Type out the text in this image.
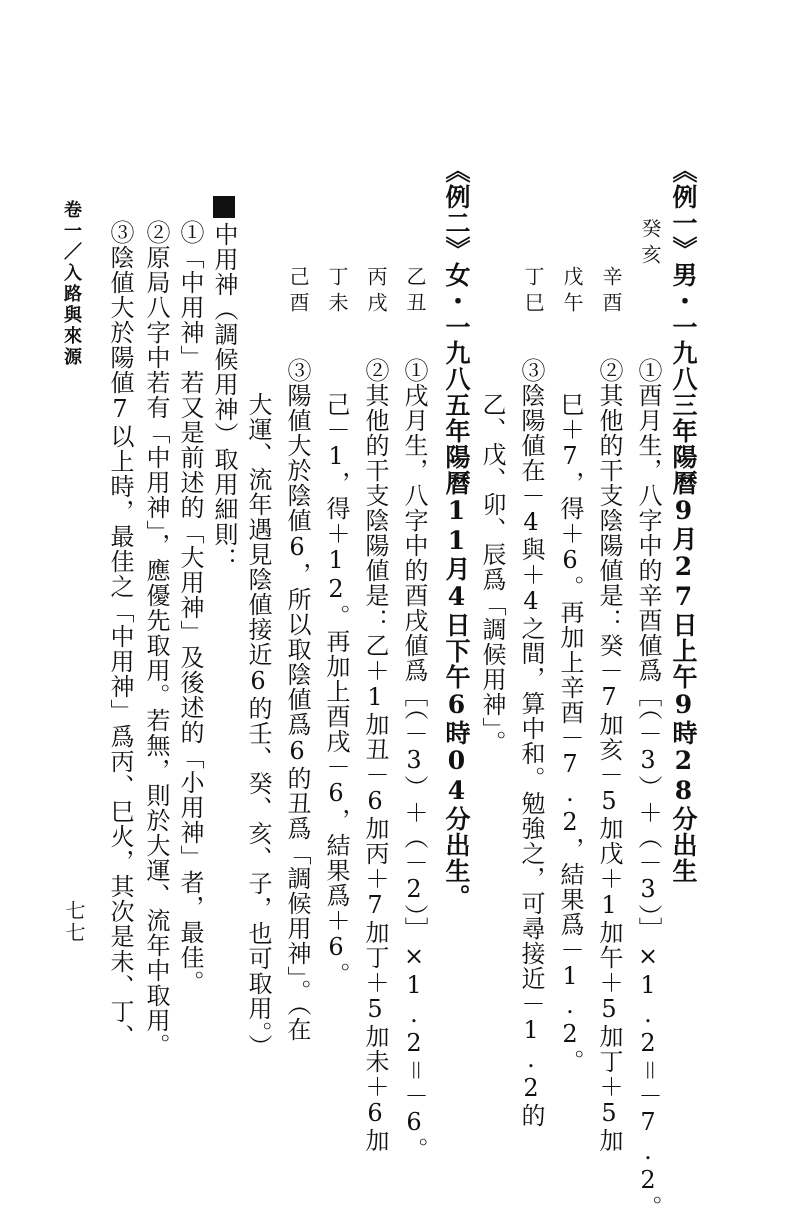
《例一》男・一九八三年陽曆9月27日上午9時28分出生
癸亥
辛酉
戊午
丁巳
①酉月生，八字中的辛酉値爲［（－3）＋（－3）］×1.2＝－7.2。
②其他的干支陰陽値是：癸－7加亥－5加戊＋1加午＋5加丁＋5加
巳＋7，得＋6。再加上辛酉－7.2，結果爲－1.2。
③陰陽値在－4與＋4之間，算中和。勉強之，可尋接近－1.2的
乙、戊、卯、辰爲「調候用神」。
《例二》女・一九八五年陽曆11月4日下午6時04分出生。
乙丑
丙戌
丁未
己酉
①戌月生，八字中的酉戌値爲［（－3）＋（－2）］×1.2＝－6。
②其他的干支陰陽値是：乙＋1加丑－6加丙＋7加丁＋5加未＋6加
己－1，得＋12。再加上酉戌－6，結果爲＋6。
③陽値大於陰値6，所以取陰値爲6的丑爲「調候用神」。（在
大運、流年遇見陰値接近6的壬、癸、亥、子，也可取用。）
中用神（調候用神）取用細則：
①「中用神」若又是前述的「大用神」及後述的「小用神」者，最佳。
②原局八字中若有「中用神」，應優先取用。若無，則於大運、流年中取用。
③陰値大於陽値7以上時，最佳之「中用神」爲丙、巳火，其次是未、丁、
卷一／入路與來源
七七
